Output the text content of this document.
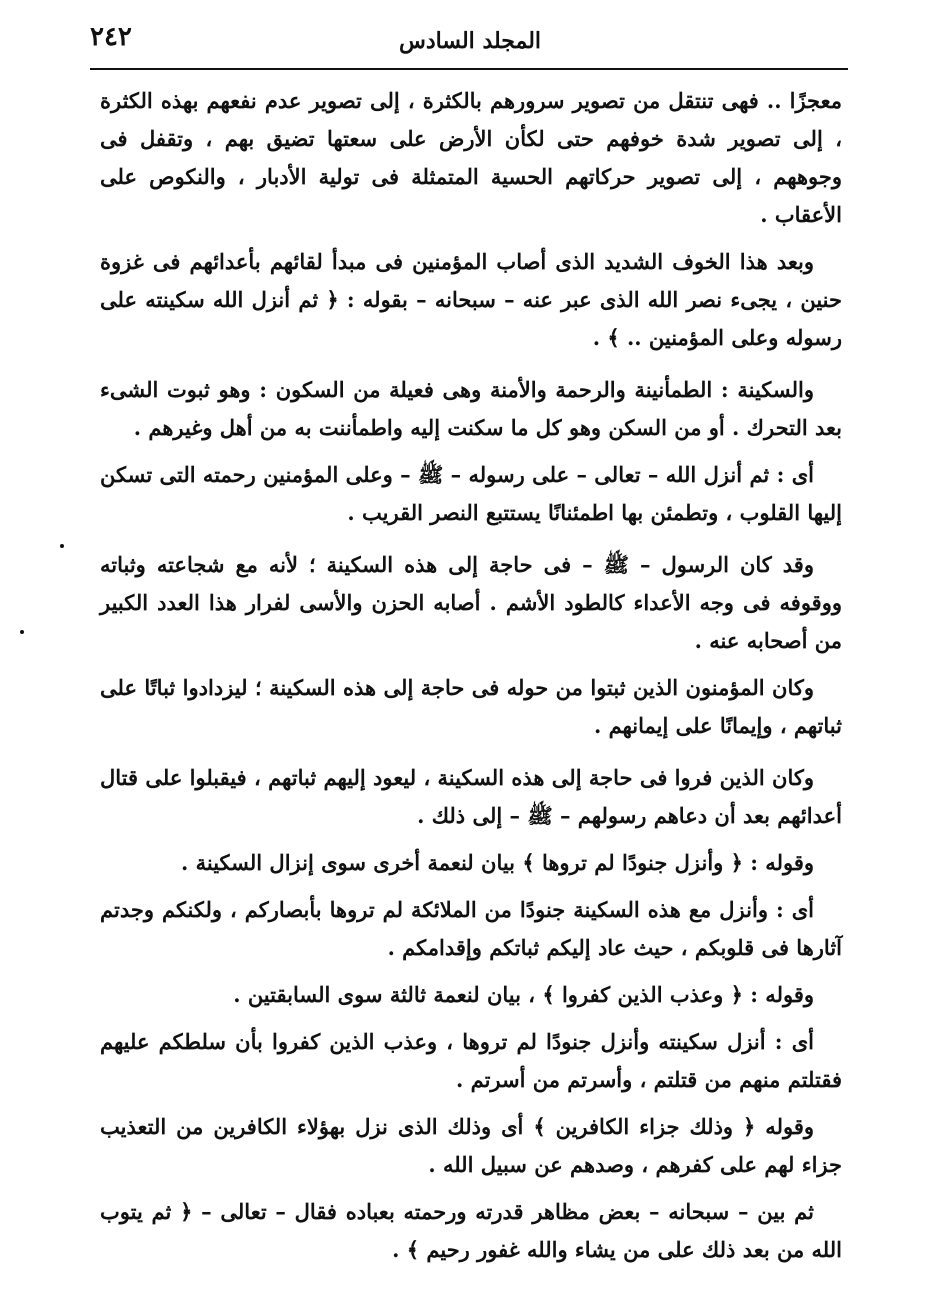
٢٤٢	المجلد السادس

معجزًا .. فهى تنتقل من تصوير سرورهم بالكثرة ، إلى تصوير عدم نفعهم بهذه الكثرة ، إلى تصوير شدة خوفهم حتى لكأن الأرض على سعتها تضيق بهم ، وتقفل فى وجوههم ، إلى تصوير حركاتهم الحسية المتمثلة فى تولية الأدبار ، والنكوص على الأعقاب .

وبعد هذا الخوف الشديد الذى أصاب المؤمنين فى مبدأ لقائهم بأعدائهم فى غزوة حنين ، يجىء نصر الله الذى عبر عنه – سبحانه – بقوله : ﴿ ثم أنزل الله سكينته على رسوله وعلى المؤمنين .. ﴾ .

والسكينة : الطمأنينة والرحمة والأمنة وهى فعيلة من السكون : وهو ثبوت الشىء بعد التحرك . أو من السكن وهو كل ما سكنت إليه واطمأننت به من أهل وغيرهم .

أى : ثم أنزل الله – تعالى – على رسوله – ﷺ – وعلى المؤمنين رحمته التى تسكن إليها القلوب ، وتطمئن بها اطمئنانًا يستتبع النصر القريب .

وقد كان الرسول – ﷺ – فى حاجة إلى هذه السكينة ؛ لأنه مع شجاعته وثباته ووقوفه فى وجه الأعداء كالطود الأشم . أصابه الحزن والأسى لفرار هذا العدد الكبير من أصحابه عنه .

وكان المؤمنون الذين ثبتوا من حوله فى حاجة إلى هذه السكينة ؛ ليزدادوا ثباتًا على ثباتهم ، وإيمانًا على إيمانهم .

وكان الذين فروا فى حاجة إلى هذه السكينة ، ليعود إليهم ثباتهم ، فيقبلوا على قتال أعدائهم بعد أن دعاهم رسولهم – ﷺ – إلى ذلك .

وقوله : ﴿ وأنزل جنودًا لم تروها ﴾ بيان لنعمة أخرى سوى إنزال السكينة .

أى : وأنزل مع هذه السكينة جنودًا من الملائكة لم تروها بأبصاركم ، ولكنكم وجدتم آثارها فى قلوبكم ، حيث عاد إليكم ثباتكم وإقدامكم .

وقوله : ﴿ وعذب الذين كفروا ﴾ ، بيان لنعمة ثالثة سوى السابقتين .

أى : أنزل سكينته وأنزل جنودًا لم تروها ، وعذب الذين كفروا بأن سلطكم عليهم فقتلتم منهم من قتلتم ، وأسرتم من أسرتم .

وقوله ﴿ وذلك جزاء الكافرين ﴾ أى وذلك الذى نزل بهؤلاء الكافرين من التعذيب جزاء لهم على كفرهم ، وصدهم عن سبيل الله .

ثم بين – سبحانه – بعض مظاهر قدرته ورحمته بعباده فقال – تعالى – ﴿ ثم يتوب الله من بعد ذلك على من يشاء والله غفور رحيم ﴾ .
